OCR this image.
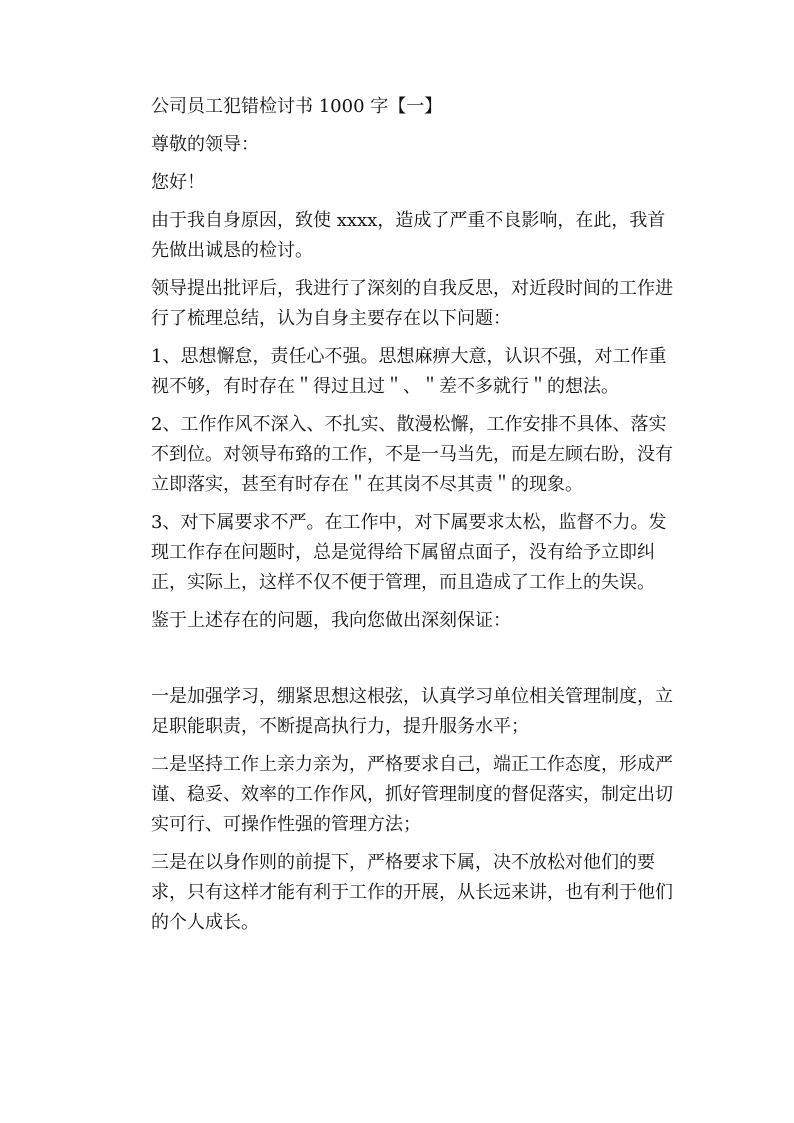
公司员工犯错检讨书 1000 字【一】

尊敬的领导：

您好！

由于我自身原因，致使 xxxx，造成了严重不良影响，在此，我首先做出诚恳的检讨。

领导提出批评后，我进行了深刻的自我反思，对近段时间的工作进行了梳理总结，认为自身主要存在以下问题：

1、思想懈怠，责任心不强。思想麻痹大意，认识不强，对工作重视不够，有时存在＂得过且过＂、＂差不多就行＂的想法。

2、工作作风不深入、不扎实、散漫松懈，工作安排不具体、落实不到位。对领导布臵的工作，不是一马当先，而是左顾右盼，没有立即落实，甚至有时存在＂在其岗不尽其责＂的现象。

3、对下属要求不严。在工作中，对下属要求太松，监督不力。发现工作存在问题时，总是觉得给下属留点面子，没有给予立即纠正，实际上，这样不仅不便于管理，而且造成了工作上的失误。

鉴于上述存在的问题，我向您做出深刻保证：

一是加强学习，绷紧思想这根弦，认真学习单位相关管理制度，立足职能职责，不断提高执行力，提升服务水平；

二是坚持工作上亲力亲为，严格要求自己，端正工作态度，形成严谨、稳妥、效率的工作作风，抓好管理制度的督促落实，制定出切实可行、可操作性强的管理方法；

三是在以身作则的前提下，严格要求下属，决不放松对他们的要求，只有这样才能有利于工作的开展，从长远来讲，也有利于他们的个人成长。
